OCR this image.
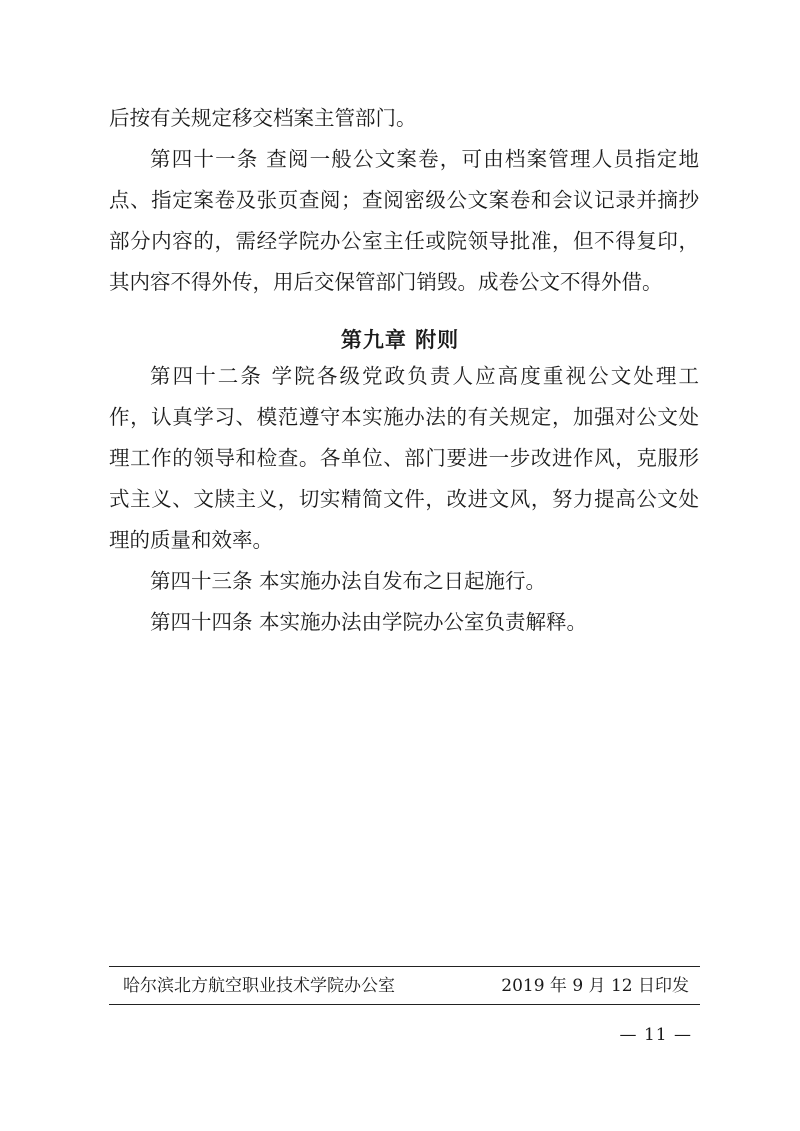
后按有关规定移交档案主管部门。
第四十一条 查阅一般公文案卷，可由档案管理人员指定地
点、指定案卷及张页查阅；查阅密级公文案卷和会议记录并摘抄
部分内容的，需经学院办公室主任或院领导批准，但不得复印，
其内容不得外传，用后交保管部门销毁。成卷公文不得外借。
第九章 附则
第四十二条 学院各级党政负责人应高度重视公文处理工
作，认真学习、模范遵守本实施办法的有关规定，加强对公文处
理工作的领导和检查。各单位、部门要进一步改进作风，克服形
式主义、文牍主义，切实精简文件，改进文风，努力提高公文处
理的质量和效率。
第四十三条 本实施办法自发布之日起施行。
第四十四条 本实施办法由学院办公室负责解释。
哈尔滨北方航空职业技术学院办公室	2019 年 9 月 12 日印发
— 11 —
